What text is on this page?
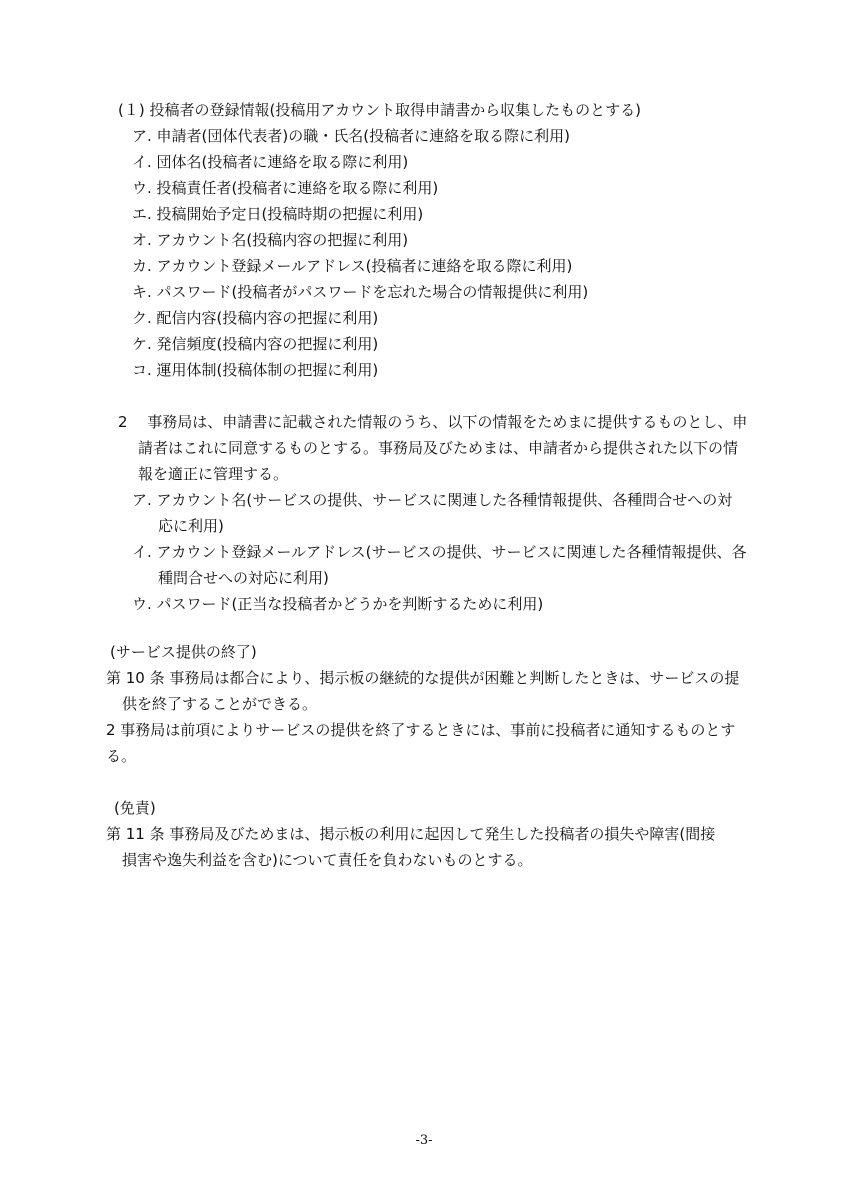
(１) 投稿者の登録情報(投稿用アカウント取得申請書から収集したものとする)
ア. 申請者(団体代表者)の職・氏名(投稿者に連絡を取る際に利用)
イ. 団体名(投稿者に連絡を取る際に利用)
ウ. 投稿責任者(投稿者に連絡を取る際に利用)
エ. 投稿開始予定日(投稿時期の把握に利用)
オ. アカウント名(投稿内容の把握に利用)
カ. アカウント登録メールアドレス(投稿者に連絡を取る際に利用)
キ. パスワード(投稿者がパスワードを忘れた場合の情報提供に利用)
ク. 配信内容(投稿内容の把握に利用)
ケ. 発信頻度(投稿内容の把握に利用)
コ. 運用体制(投稿体制の把握に利用)
2　 事務局は、申請書に記載された情報のうち、以下の情報をためまに提供するものとし、申
請者はこれに同意するものとする。事務局及びためまは、申請者から提供された以下の情
報を適正に管理する。
ア. アカウント名(サービスの提供、サービスに関連した各種情報提供、各種問合せへの対
応に利用)
イ. アカウント登録メールアドレス(サービスの提供、サービスに関連した各種情報提供、各
種問合せへの対応に利用)
ウ. パスワード(正当な投稿者かどうかを判断するために利用)
(サービス提供の終了)
第 10 条 事務局は都合により、掲示板の継続的な提供が困難と判断したときは、サービスの提
供を終了することができる。
2 事務局は前項によりサービスの提供を終了するときには、事前に投稿者に通知するものとす
る。
(免責)
第 11 条 事務局及びためまは、掲示板の利用に起因して発生した投稿者の損失や障害(間接
損害や逸失利益を含む)について責任を負わないものとする。
-3-
